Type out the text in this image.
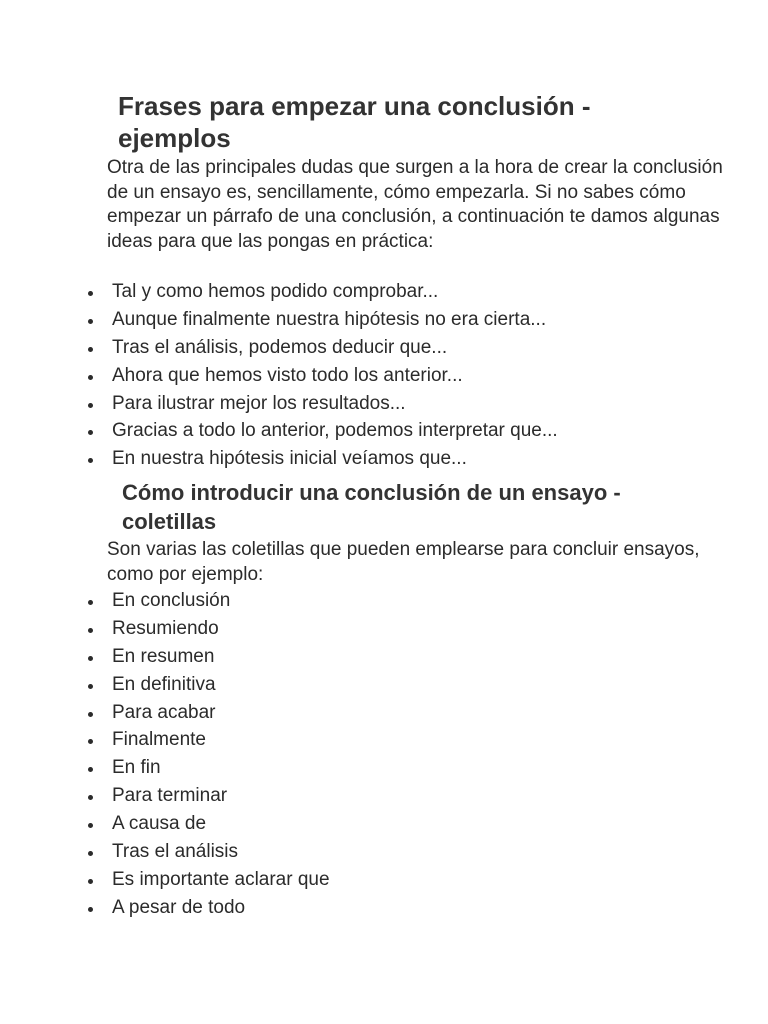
Frases para empezar una conclusión - ejemplos

Otra de las principales dudas que surgen a la hora de crear la conclusión de un ensayo es, sencillamente, cómo empezarla. Si no sabes cómo empezar un párrafo de una conclusión, a continuación te damos algunas ideas para que las pongas en práctica:

Tal y como hemos podido comprobar...
Aunque finalmente nuestra hipótesis no era cierta...
Tras el análisis, podemos deducir que...
Ahora que hemos visto todo los anterior...
Para ilustrar mejor los resultados...
Gracias a todo lo anterior, podemos interpretar que...
En nuestra hipótesis inicial veíamos que...
Cómo introducir una conclusión de un ensayo - coletillas

Son varias las coletillas que pueden emplearse para concluir ensayos, como por ejemplo:

En conclusión
Resumiendo
En resumen
En definitiva
Para acabar
Finalmente
En fin
Para terminar
A causa de
Tras el análisis
Es importante aclarar que
A pesar de todo
